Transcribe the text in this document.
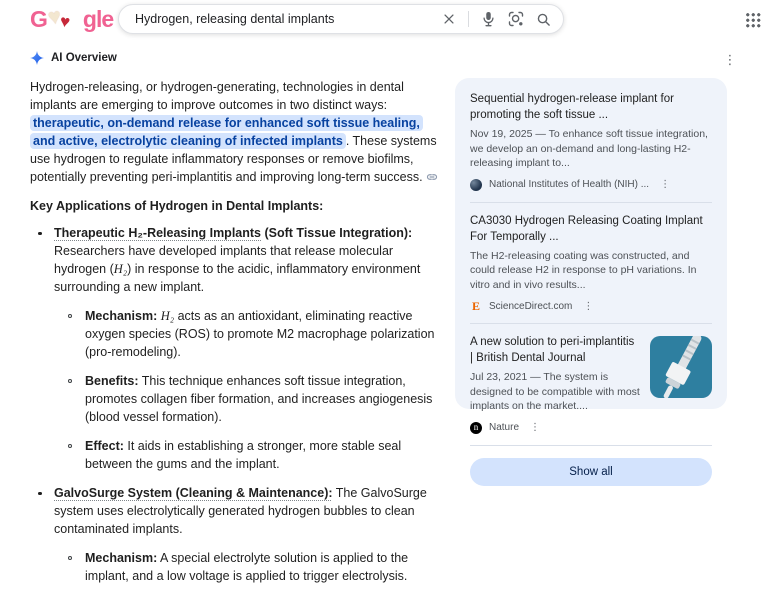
G ♥
♥ gle
Hydrogen, releasing dental implants
AI Overview

Hydrogen-releasing, or hydrogen-generating, technologies in dental implants are emerging to improve outcomes in two distinct ways: therapeutic, on-demand release for enhanced soft tissue healing, and active, electrolytic cleaning of infected implants . These systems use hydrogen to regulate inflammatory responses or remove biofilms, potentially preventing peri-implantitis and improving long-term success.

Key Applications of Hydrogen in Dental Implants:
Therapeutic H₂-Releasing Implants (Soft Tissue Integration): Researchers have developed implants that release molecular hydrogen (H₂) in response to the acidic, inflammatory environment surrounding a new implant.
Mechanism: H₂ acts as an antioxidant, eliminating reactive oxygen species (ROS) to promote M2 macrophage polarization (pro-remodeling).
Benefits: This technique enhances soft tissue integration, promotes collagen fiber formation, and increases angiogenesis (blood vessel formation).
Effect: It aids in establishing a stronger, more stable seal between the gums and the implant.
GalvoSurge System (Cleaning & Maintenance): The GalvoSurge system uses electrolytically generated hydrogen bubbles to clean contaminated implants.
Mechanism: A special electrolyte solution is applied to the implant, and a low voltage is applied to trigger electrolysis.
⋮
Sequential hydrogen-release implant for promoting the soft tissue ...
Nov 19, 2025 — To enhance soft tissue integration, we develop an on-demand and long-lasting H2-releasing implant to...
National Institutes of Health (NIH) ... ⋮
CA3030 Hydrogen Releasing Coating Implant For Temporally ...
The H2-releasing coating was constructed, and could release H2 in response to pH variations. In vitro and in vivo results...
E ScienceDirect.com ⋮
A new solution to peri-implantitis | British Dental Journal
Jul 23, 2021 — The system is designed to be compatible with most implants on the market....
n	Nature ⋮
Show all
